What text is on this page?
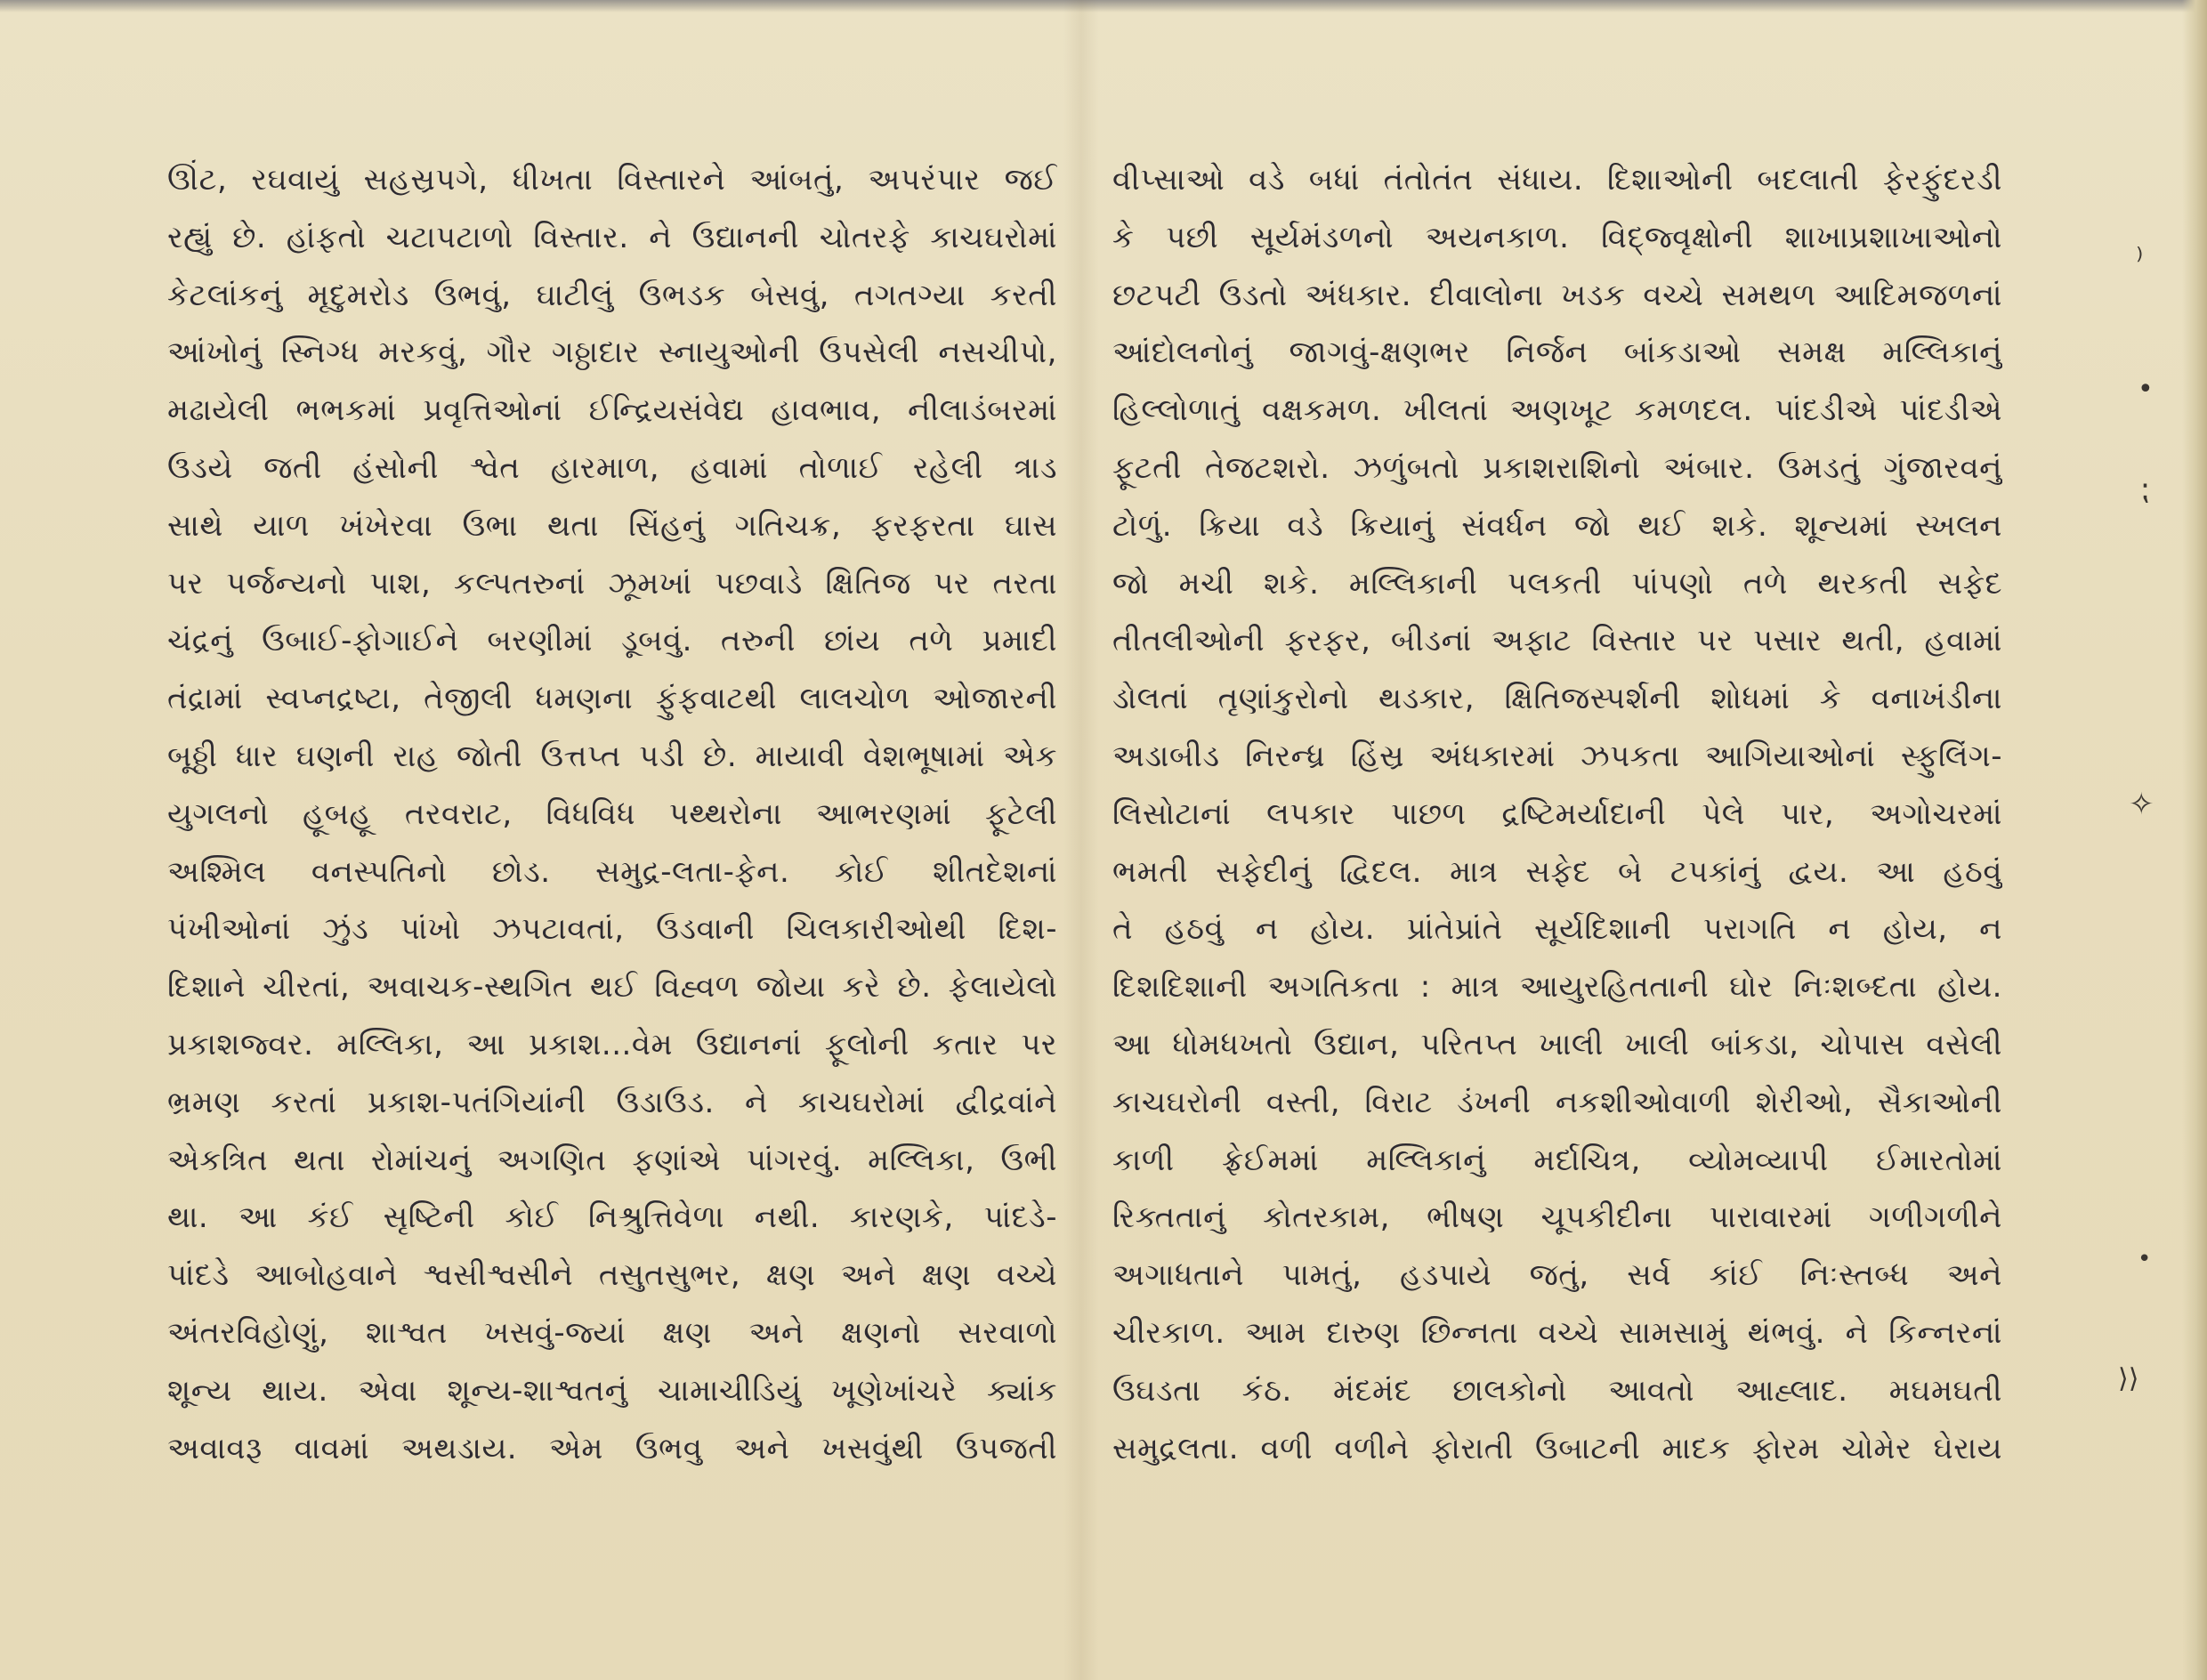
ઊંટ, રઘવાયું સહસ્રપગે, ધીખતા વિસ્તારને આંબતું, અપરંપાર જઈ
રહ્યું છે. હાંફતો ચટાપટાળો વિસ્તાર. ને ઉદ્યાનની ચોતરફે કાચઘરોમાં
કેટલાંકનું મૃદુમરોડ ઉભવું, ઘાટીલું ઉભડક બેસવું, તગતગ્યા કરતી
આંખોનું સ્નિગ્ધ મરકવું, ગૌર ગઠ્ઠાદાર સ્નાયુઓની ઉપસેલી નસચીપો,
મઢાયેલી ભભકમાં પ્રવૃત્તિઓનાં ઈન્દ્રિયસંવેદ્ય હાવભાવ, નીલાડંબરમાં
ઉડયે જતી હંસોની શ્વેત હારમાળ, હવામાં તોળાઈ રહેલી ત્રાડ
સાથે યાળ ખંખેરવા ઉભા થતા સિંહનું ગતિચક્ર, ફરફરતા ઘાસ
પર પર્જન્યનો પાશ, કલ્પતરુનાં ઝૂમખાં પછવાડે ક્ષિતિજ પર તરતા
ચંદ્રનું ઉબાઈ-ફોગાઈને બરણીમાં ડૂબવું. તરુની છાંય તળે પ્રમાદી
તંદ્રામાં સ્વપ્નદ્રષ્ટા, તેજીલી ધમણના ફુંફવાટથી લાલચોળ ઓજારની
બૂઠ્ઠી ધાર ઘણની રાહ જોતી ઉત્તપ્ત પડી છે. માયાવી વેશભૂષામાં એક
યુગલનો હૂબહૂ તરવરાટ, વિધવિધ પથ્થરોના આભરણમાં ફૂટેલી
અશ્મિલ વનસ્પતિનો છોડ. સમુદ્ર-લતા-ફેન. કોઈ શીતદેશનાં
પંખીઓનાં ઝુંડ પાંખો ઝપટાવતાં, ઉડવાની ચિલકારીઓથી દિશ-
દિશાને ચીરતાં, અવાચક-સ્થગિત થઈ વિહ્વળ જોયા કરે છે. ફેલાયેલો
પ્રકાશજ્વર. મલ્લિકા, આ પ્રકાશ...વેમ ઉદ્યાનનાં ફૂલોની કતાર પર
ભ્રમણ કરતાં પ્રકાશ-પતંગિયાંની ઉડાઉડ. ને કાચઘરોમાં દ્વીદ્રવાંને
એકત્રિત થતા રોમાંચનું અગણિત ફણાંએ પાંગરવું. મલ્લિકા, ઉભી
થા. આ કંઈ સૃષ્ટિની કોઈ નિશ્રુત્તિવેળા નથી. કારણકે, પાંદડે-
પાંદડે આબોહવાને શ્વસીશ્વસીને તસુતસુભર, ક્ષણ અને ક્ષણ વચ્ચે
અંતરવિહોણું, શાશ્વત ખસવું-જ્યાં ક્ષણ અને ક્ષણનો સરવાળો
શૂન્ય થાય. એવા શૂન્ય-શાશ્વતનું ચામાચીડિયું ખૂણેખાંચરે ક્યાંક
અવાવરૂ વાવમાં અથડાય. એમ ઉભવુ અને ખસવુંથી ઉપજતી
વીપ્સાઓ વડે બધાં તંતોતંત સંધાય. દિશાઓની બદલાતી ફેરફુંદરડી
કે પછી સૂર્યમંડળનો અયનકાળ. વિદ્જ્વૃક્ષોની શાખાપ્રશાખાઓનો
છટપટી ઉડતો અંધકાર. દીવાલોના ખડક વચ્ચે સમથળ આદિમજળનાં
આંદોલનોનું જાગવું-ક્ષણભર નિર્જન બાંકડાઓ સમક્ષ મલ્લિકાનું
હિલ્લોળાતું વક્ષકમળ. ખીલતાં અણખૂટ કમળદલ. પાંદડીએ પાંદડીએ
ફૂટતી તેજટશરો. ઝળુંબતો પ્રકાશરાશિનો અંબાર. ઉમડતું ગુંજારવનું
ટોળું. ક્રિયા વડે ક્રિયાનું સંવર્ધન જો થઈ શકે. શૂન્યમાં સ્ખલન
જો મચી શકે. મલ્લિકાની પલકતી પાંપણો તળે થરકતી સફેદ
તીતલીઓની ફરફર, બીડનાં અફાટ વિસ્તાર પર પસાર થતી, હવામાં
ડોલતાં તૃણાંકુરોનો થડકાર, ક્ષિતિજસ્પર્શની શોધમાં કે વનાખંડીના
અડાબીડ નિરન્ધ્ર હિંસ્ર અંધકારમાં ઝપકતા આગિયાઓનાં સ્ફુલિંગ-
લિસોટાનાં લપકાર પાછળ દ્રષ્ટિમર્યાદાની પેલે પાર, અગોચરમાં
ભમતી સફેદીનું દ્વિદલ. માત્ર સફેદ બે ટપકાંનું દ્વય. આ હઠવું
તે હઠવું ન હોય. પ્રાંતેપ્રાંતે સૂર્યદિશાની પરાગતિ ન હોય, ન
દિશદિશાની અગતિકતા : માત્ર આયુરહિતતાની ઘોર નિઃશબ્દતા હોય.
આ ધોમધખતો ઉદ્યાન, પરિતપ્ત ખાલી ખાલી બાંકડા, ચોપાસ વસેલી
કાચઘરોની વસ્તી, વિરાટ ડંખની નકશીઓવાળી શેરીઓ, સૈકાઓની
કાળી ફ્રેઈમમાં મલ્લિકાનું મર્દાચિત્ર, વ્યોમવ્યાપી ઈમારતોમાં
રિક્તતાનું કોતરકામ, ભીષણ ચૂપકીદીના પારાવારમાં ગળીગળીને
અગાધતાને પામતું, હડપાયે જતું, સર્વ કાંઈ નિઃસ્તબ્ધ અને
ચીરકાળ. આમ દારુણ છિન્નતા વચ્ચે સામસામું થંભવું. ને કિન્નરનાં
ઉઘડતા કંઠ. મંદમંદ છાલકોનો આવતો આહ્લાદ. મઘમઘતી
સમુદ્રલતા. વળી વળીને ફોરાતી ઉબાટની માદક ફોરમ ચોમેર ઘેરાય
⁾
•
⁏
✧
•
⟩⟩
